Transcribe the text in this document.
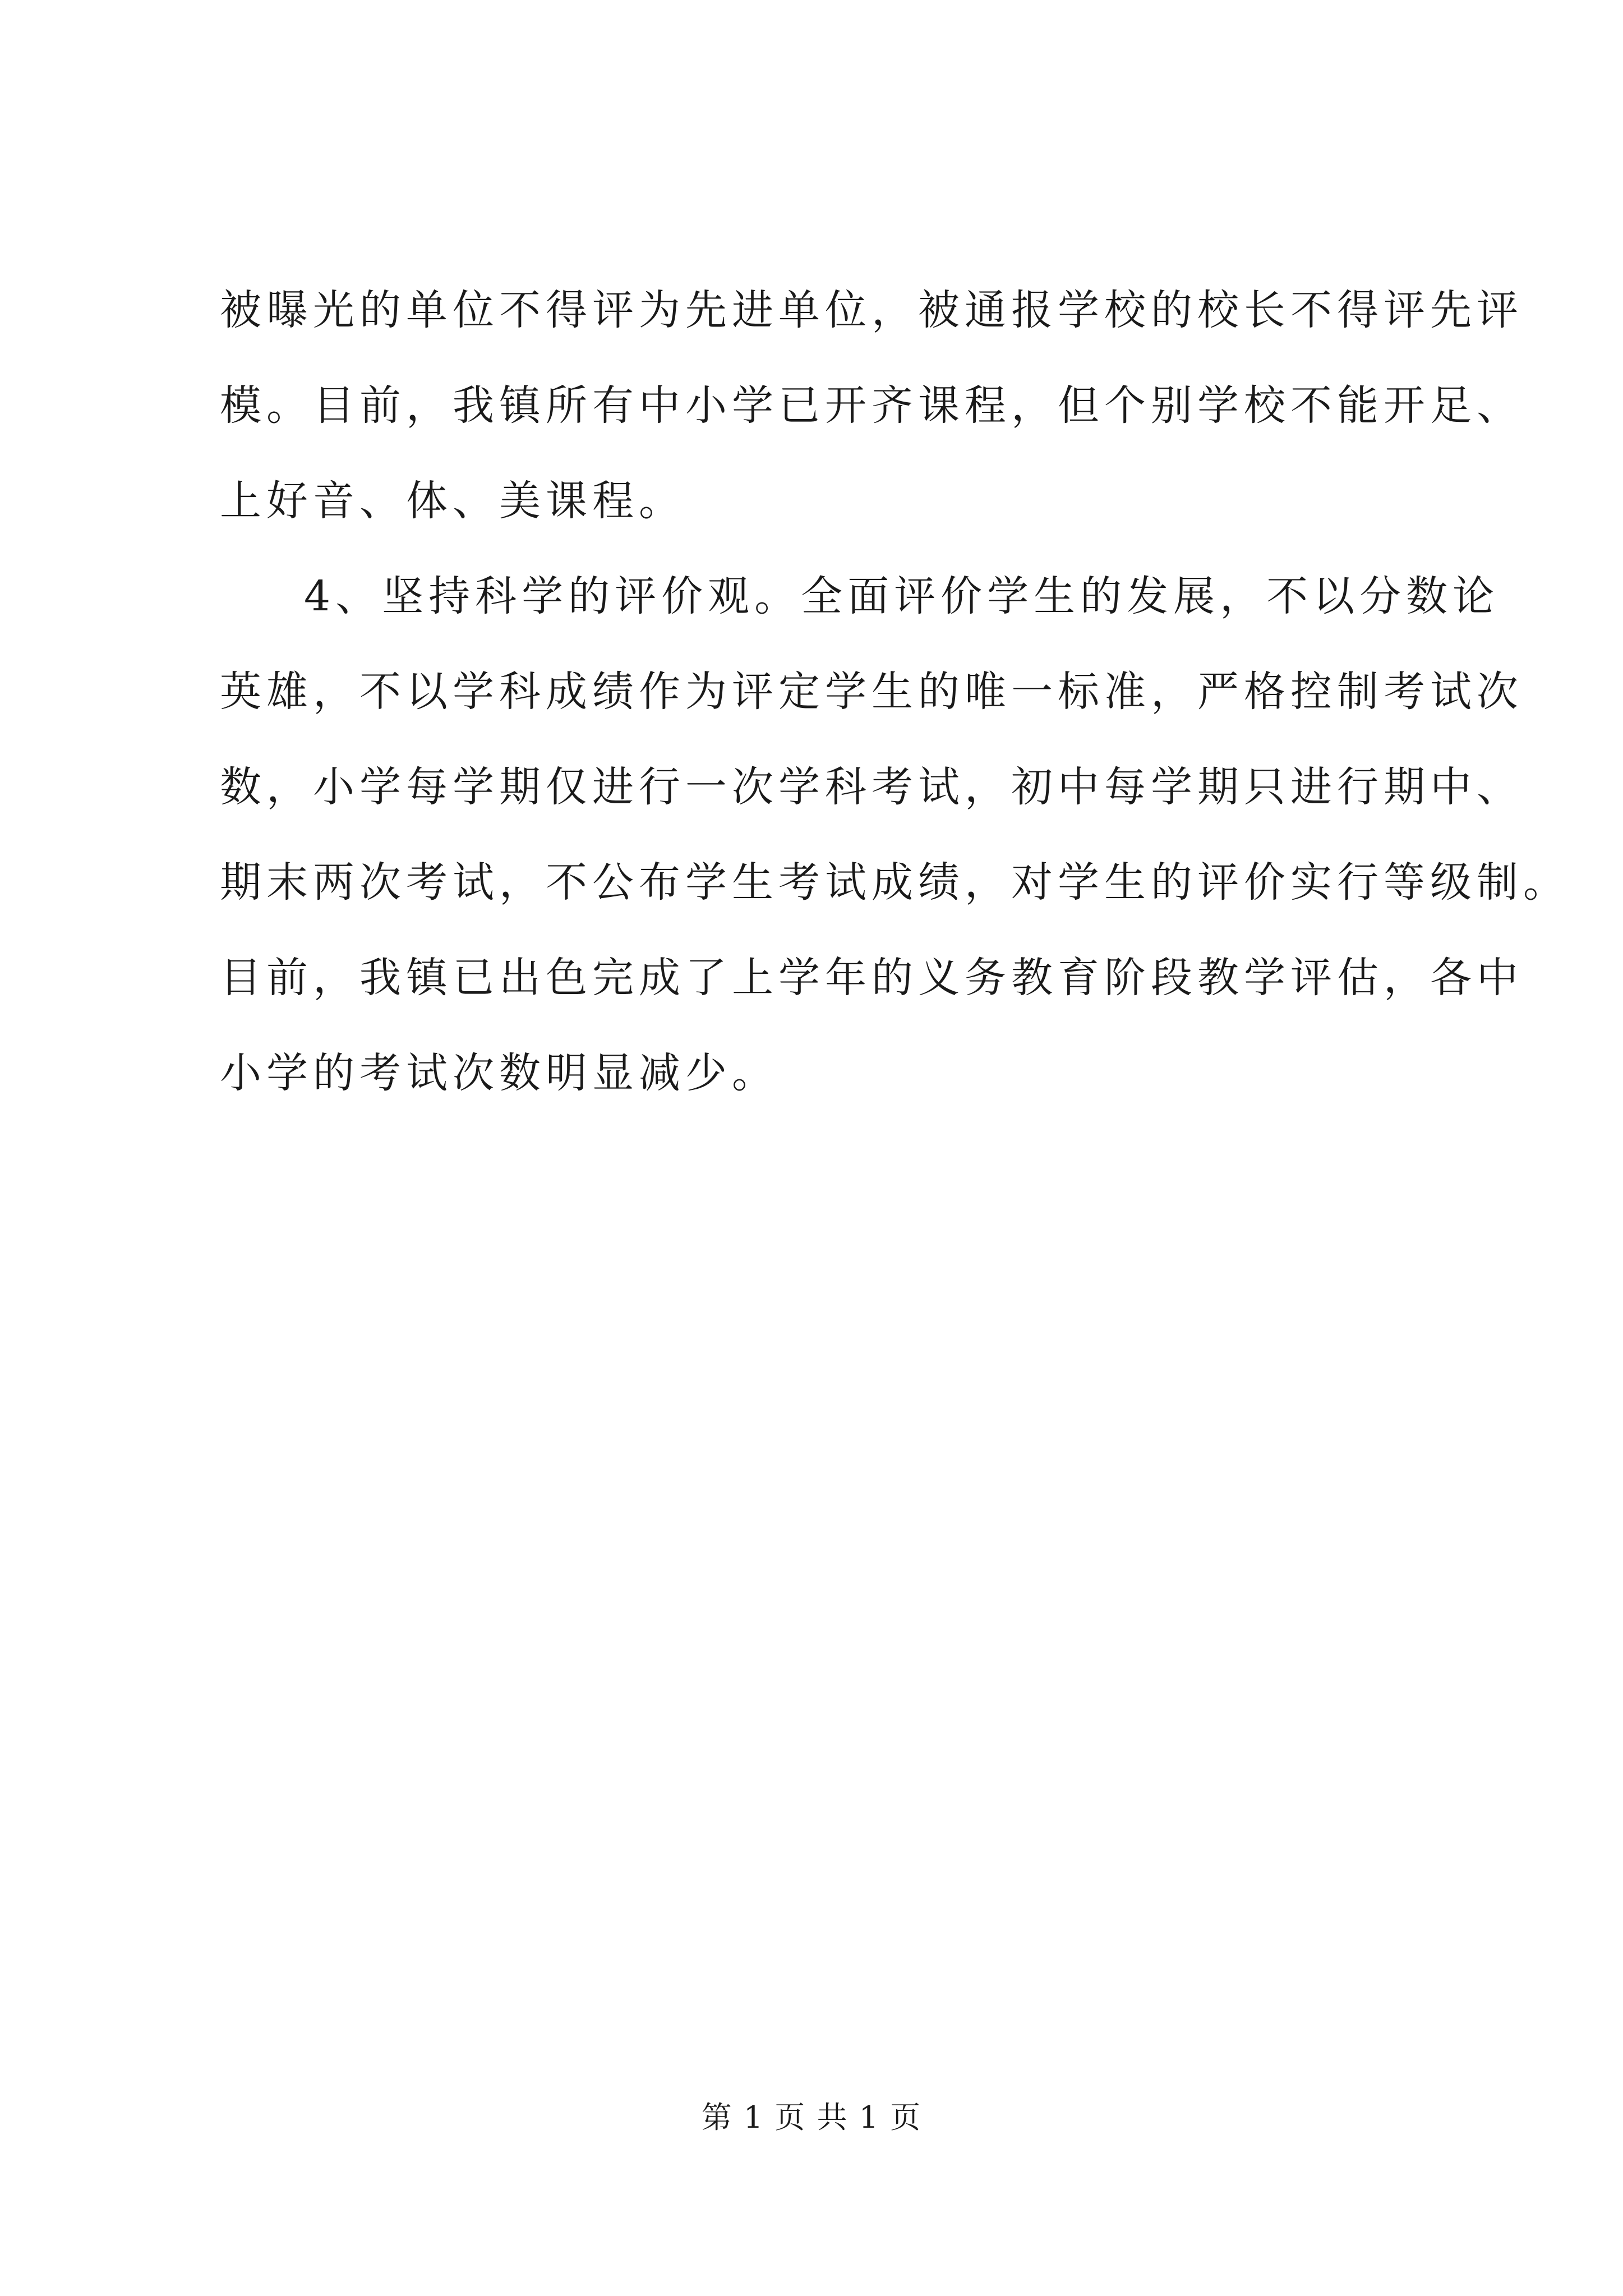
被曝光的单位不得评为先进单位，被通报学校的校长不得评先评
模。目前，我镇所有中小学已开齐课程，但个别学校不能开足、
上好音、体、美课程。
4、坚持科学的评价观。全面评价学生的发展，不以分数论
英雄，不以学科成绩作为评定学生的唯一标准，严格控制考试次
数，小学每学期仅进行一次学科考试，初中每学期只进行期中、
期末两次考试，不公布学生考试成绩，对学生的评价实行等级制。
目前，我镇已出色完成了上学年的义务教育阶段教学评估，各中
小学的考试次数明显减少。
第 1 页 共 1 页
